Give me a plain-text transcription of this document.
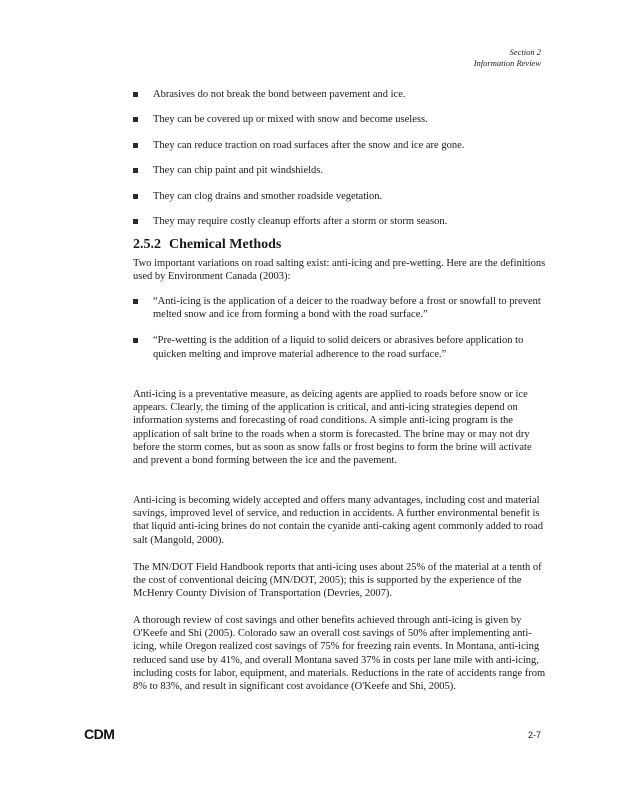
Section 2
Information Review
Abrasives do not break the bond between pavement and ice.
They can be covered up or mixed with snow and become useless.
They can reduce traction on road surfaces after the snow and ice are gone.
They can chip paint and pit windshields.
They can clog drains and smother roadside vegetation.
They may require costly cleanup efforts after a storm or storm season.
2.5.2 Chemical Methods

Two important variations on road salting exist: anti-icing and pre-wetting. Here are the definitions used by Environment Canada (2003):

“Anti-icing is the application of a deicer to the roadway before a frost or snowfall to prevent melted snow and ice from forming a bond with the road surface.”
“Pre-wetting is the addition of a liquid to solid deicers or abrasives before application to quicken melting and improve material adherence to the road surface.”

Anti-icing is a preventative measure, as deicing agents are applied to roads before snow or ice appears. Clearly, the timing of the application is critical, and anti-icing strategies depend on information systems and forecasting of road conditions. A simple anti-icing program is the application of salt brine to the roads when a storm is forecasted. The brine may or may not dry before the storm comes, but as soon as snow falls or frost begins to form the brine will activate and prevent a bond forming between the ice and the pavement.

Anti-icing is becoming widely accepted and offers many advantages, including cost and material savings, improved level of service, and reduction in accidents. A further environmental benefit is that liquid anti-icing brines do not contain the cyanide anti-caking agent commonly added to road salt (Mangold, 2000).

The MN/DOT Field Handbook reports that anti-icing uses about 25% of the material at a tenth of the cost of conventional deicing (MN/DOT, 2005); this is supported by the experience of the McHenry County Division of Transportation (Devries, 2007).

A thorough review of cost savings and other benefits achieved through anti-icing is given by O'Keefe and Shi (2005). Colorado saw an overall cost savings of 50% after implementing anti-icing, while Oregon realized cost savings of 75% for freezing rain events. In Montana, anti-icing reduced sand use by 41%, and overall Montana saved 37% in costs per lane mile with anti-icing, including costs for labor, equipment, and materials. Reductions in the rate of accidents range from 8% to 83%, and result in significant cost avoidance (O'Keefe and Shi, 2005).

CDM	2-7
